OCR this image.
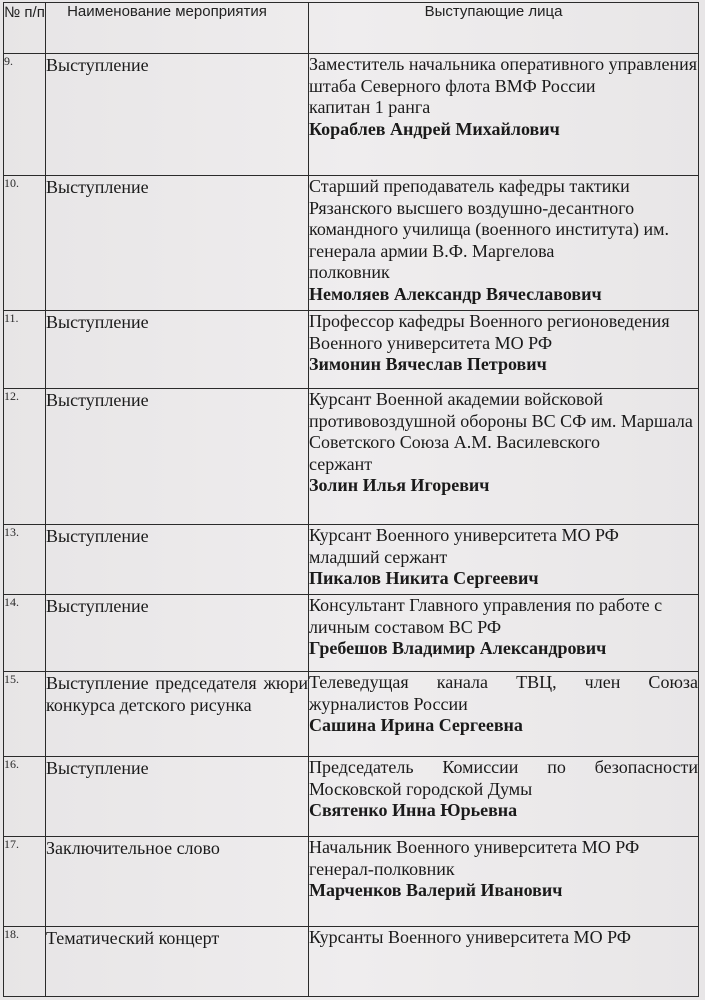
№ п/п	Наименование мероприятия	Выступающие лица
9.	Выступление	Заместитель начальника оперативного управления штаба Северного флота ВМФ России
капитан 1 ранга
Кораблев Андрей Михайлович

10.	Выступление	Старший преподаватель кафедры тактики Рязанского высшего воздушно-десантного командного училища (военного института) им. генерала армии В.Ф. Маргелова
полковник
Немоляев Александр Вячеславович

11.	Выступление	Профессор кафедры Военного регионоведения Военного университета МО РФ
Зимонин Вячеслав Петрович

12.	Выступление	Курсант Военной академии войсковой противовоздушной обороны ВС СФ им. Маршала Советского Союза А.М. Василевского
сержант
Золин Илья Игоревич

13.	Выступление	Курсант Военного университета МО РФ
младший сержант
Пикалов Никита Сергеевич

14.	Выступление	Консультант Главного управления по работе с личным составом ВС РФ
Гребешов Владимир Александрович

15.	Выступление председателя жюри конкурса детского рисунка	Телеведущая канала ТВЦ, член Союза журналистов России
Сашина Ирина Сергеевна

16.	Выступление	Председатель Комиссии по безопасности Московской городской Думы
Святенко Инна Юрьевна

17.	Заключительное слово	Начальник Военного университета МО РФ
генерал-полковник
Марченков Валерий Иванович

18.	Тематический концерт	Курсанты Военного университета МО РФ
